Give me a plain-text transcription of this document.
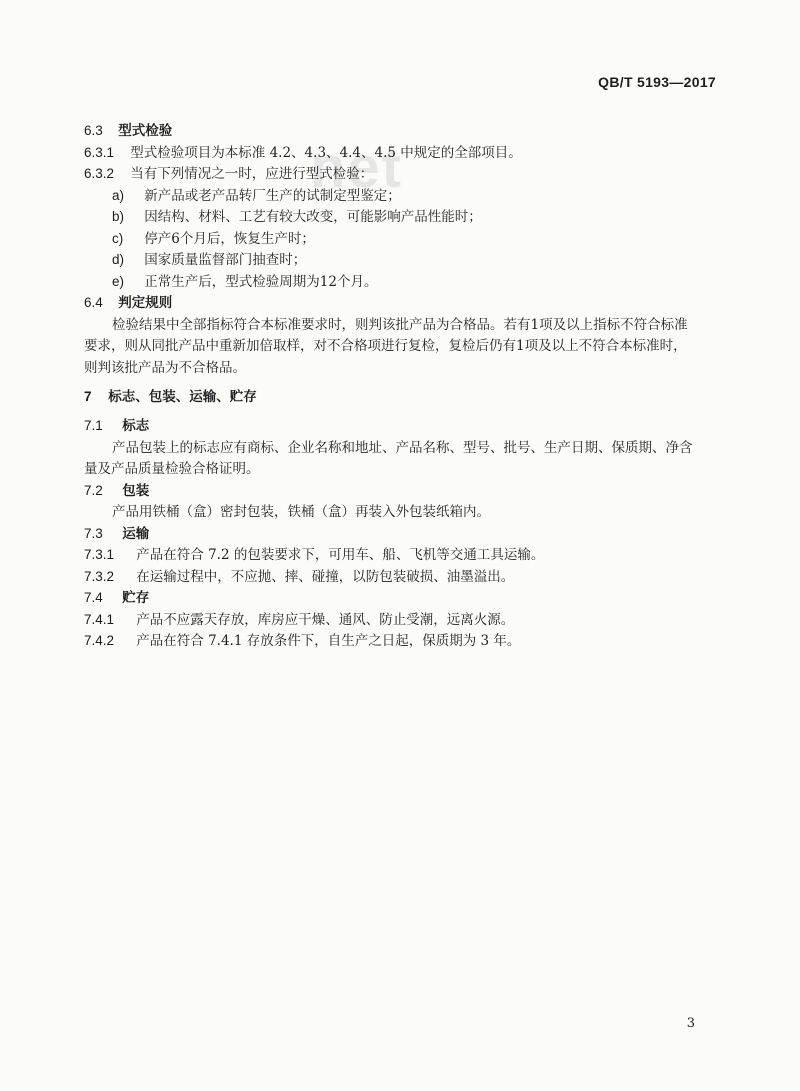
net
QB/T 5193—2017
6.3 型式检验
6.3.1 型式检验项目为本标准 4.2、4.3、4.4、4.5 中规定的全部项目。
6.3.2 当有下列情况之一时，应进行型式检验：
a) 新产品或老产品转厂生产的试制定型鉴定；
b) 因结构、材料、工艺有较大改变，可能影响产品性能时；
c) 停产6个月后，恢复生产时；
d) 国家质量监督部门抽查时；
e) 正常生产后，型式检验周期为12个月。
6.4 判定规则
检验结果中全部指标符合本标准要求时，则判该批产品为合格品。若有1项及以上指标不符合标准
要求，则从同批产品中重新加倍取样，对不合格项进行复检，复检后仍有1项及以上不符合本标准时，
则判该批产品为不合格品。
7 标志、包装、运输、贮存
7.1 标志
产品包装上的标志应有商标、企业名称和地址、产品名称、型号、批号、生产日期、保质期、净含
量及产品质量检验合格证明。
7.2 包装
产品用铁桶（盒）密封包装，铁桶（盒）再装入外包装纸箱内。
7.3 运输
7.3.1 产品在符合 7.2 的包装要求下，可用车、船、飞机等交通工具运输。
7.3.2 在运输过程中，不应抛、摔、碰撞，以防包装破损、油墨溢出。
7.4 贮存
7.4.1 产品不应露天存放，库房应干燥、通风、防止受潮，远离火源。
7.4.2 产品在符合 7.4.1 存放条件下，自生产之日起，保质期为 3 年。
3
